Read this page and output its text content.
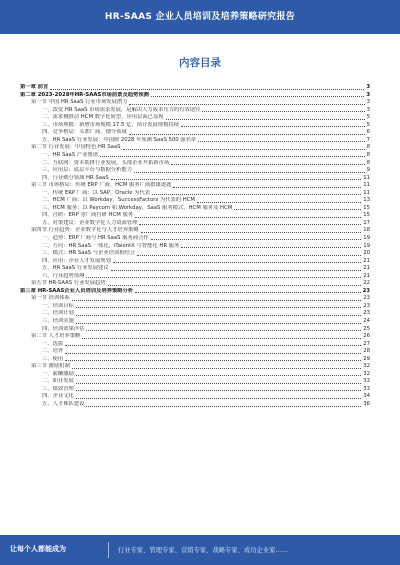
HR-SAAS 企业人员培训及培养策略研究报告
内容目录
第一章 前言	3
第二章 2023-2028年HR-SAAS市场前景及趋势预测	3
第一节 中国 HR SaaS 行业市场发展潜力	3
一、改变 HR SaaS 市场需求发展，是解决人力成本压力的有效途径	3
二、需求侧推动 HCM 数字化转型，应用层面已显现	5
三、市场规模：新增市场规模 17.5 亿，预计发展规模持续	5
四、竞争格局：头部厂商、细分领域	6
五、HR SaaS 行业发展：中国榜 2028 年预测 SaaS 500 强名单	7
第二节 行业发展：中国特色 HR SaaS	8
一、HR SaaS 产业图谱	8
二、互联网：资本助推行业发展，头部企业开拓新市场	8
三、应用层：底层平台与数据分析能力	9
四、行业细分领域 HR SaaS	11
第三节 市场格局：传统 ERP 厂商、HCM 服务厂商群雄逐鹿	11
一、传统 ERP 厂商：以 SAP、Oracle 为代表	11
二、HCM 厂商：以 Workday、SuccessFactors 为代表的 HCM	13
三、HCM 服务：以 Paycom 和 Workday、SaaS 服务模式、HCM 服务及 HCM	15
四、自研：ERP 等厂商自研 HCM 服务	15
五、对策建议：企业数字化人力资源管理	17
第四节 行业趋势：企业数字化与人才培养策略	18
一、趋势：ERP 厂商与 HR SaaS 服务商合作	19
二、方向：HR SaaS 一体化，iTalentX 与智能化 HR 服务	19
三、模式：HR SaaS 与企业培训相结合	20
四、应用：企业人才发展规划	21
五、HR SaaS 行业发展建议	21
六、行业趋势预测	21
第五节 HR-SAAS 行业发展趋势	22
第三章 HR-SAAS企业人员培训及培养策略分析	23
第一节 培训体系	23
一、培训目标	23
二、培训计划	23
三、培训实施	24
四、培训效果评估	25
第二节 人才培养策略	26
一、选拔	27
二、培养	28
三、使用	29
第三节 激励机制	32
一、薪酬激励	32
二、职业发展	33
三、绩效管理	33
四、企业文化	34
五、人才梯队建设	36
让每个人都能成为	行业专家、管理专家、营销专家、战略专家、成功企业家……
